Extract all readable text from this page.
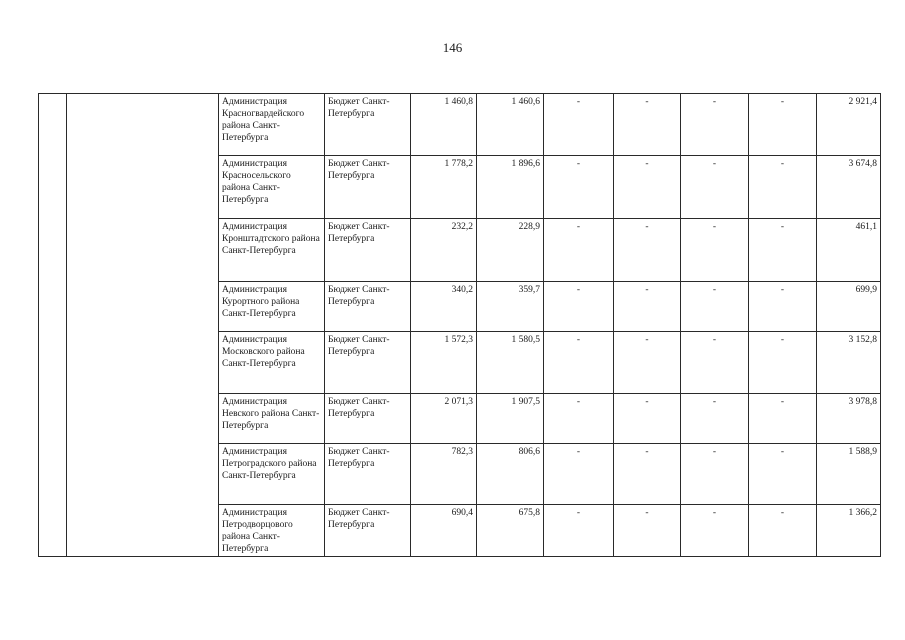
146
		Администрация Красногвардейского района Санкт-Петербурга	Бюджет Санкт-Петербурга	1 460,8	1 460,6	-	-	-	-	2 921,4
		Администрация Красносельского района Санкт-Петербурга	Бюджет Санкт-Петербурга	1 778,2	1 896,6	-	-	-	-	3 674,8
		Администрация Кронштадтского района Санкт-Петербурга	Бюджет Санкт-Петербурга	232,2	228,9	-	-	-	-	461,1
		Администрация Курортного района Санкт-Петербурга	Бюджет Санкт-Петербурга	340,2	359,7	-	-	-	-	699,9
		Администрация Московского района Санкт-Петербурга	Бюджет Санкт-Петербурга	1 572,3	1 580,5	-	-	-	-	3 152,8
		Администрация Невского района Санкт-Петербурга	Бюджет Санкт-Петербурга	2 071,3	1 907,5	-	-	-	-	3 978,8
		Администрация Петроградского района Санкт-Петербурга	Бюджет Санкт-Петербурга	782,3	806,6	-	-	-	-	1 588,9
		Администрация Петродворцового района Санкт-Петербурга	Бюджет Санкт-Петербурга	690,4	675,8	-	-	-	-	1 366,2
